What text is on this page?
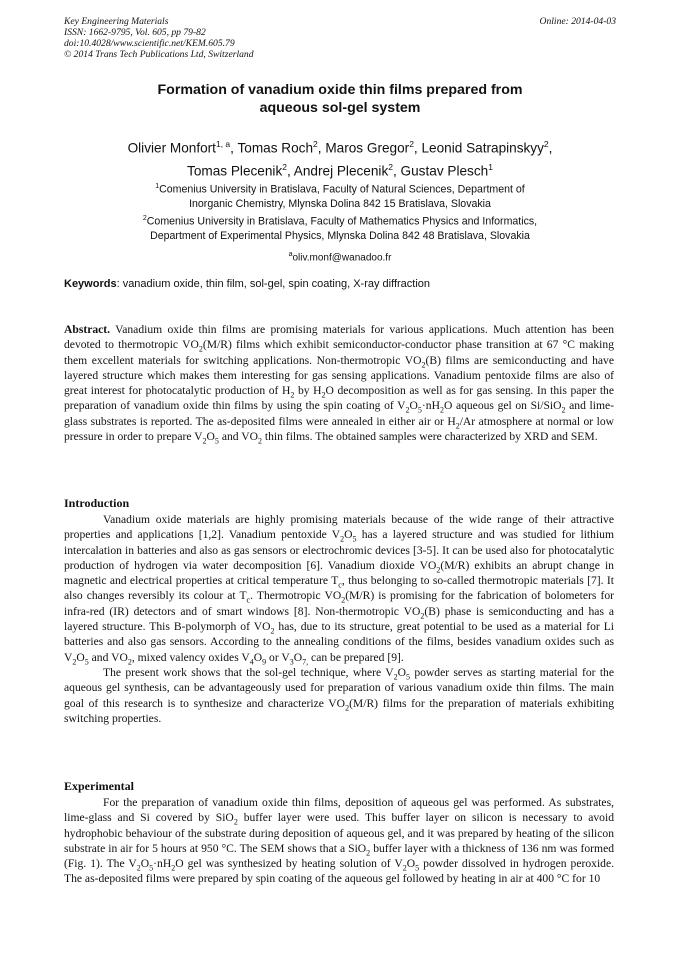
Key Engineering Materials
ISSN: 1662-9795, Vol. 605, pp 79-82
doi:10.4028/www.scientific.net/KEM.605.79
© 2014 Trans Tech Publications Ltd, Switzerland
Online: 2014-04-03
Formation of vanadium oxide thin films prepared from
aqueous sol-gel system
Olivier Monfort$^{1, a}$, Tomas Roch$^2$, Maros Gregor$^2$, Leonid Satrapinskyy$^2$,
Tomas Plecenik$^2$, Andrej Plecenik$^2$, Gustav Plesch$^1$
$^1$Comenius University in Bratislava, Faculty of Natural Sciences, Department of
Inorganic Chemistry, Mlynska Dolina 842 15 Bratislava, Slovakia
$^2$Comenius University in Bratislava, Faculty of Mathematics Physics and Informatics,
Department of Experimental Physics, Mlynska Dolina 842 48 Bratislava, Slovakia
$^a$oliv.monf@wanadoo.fr
Keywords: vanadium oxide, thin film, sol-gel, spin coating, X-ray diffraction

Abstract. Vanadium oxide thin films are promising materials for various applications. Much attention has been devoted to thermotropic $VO_2(M/R)$ films which exhibit semiconductor-conductor phase transition at 67 °C making them excellent materials for switching applications. Non-thermotropic $VO_2(B)$ films are semiconducting and have layered structure which makes them interesting for gas sensing applications. Vanadium pentoxide films are also of great interest for photocatalytic production of $H_2$ by $H_2O$ decomposition as well as for gas sensing. In this paper the preparation of vanadium oxide thin films by using the spin coating of $V_2O_5\cdot nH_2O$ aqueous gel on Si/SiO$_2$ and lime-glass substrates is reported. The as-deposited films were annealed in either air or $H_2/Ar$ atmosphere at normal or low pressure in order to prepare $V_2O_5$ and $VO_2$ thin films. The obtained samples were characterized by XRD and SEM.

Introduction

Vanadium oxide materials are highly promising materials because of the wide range of their attractive properties and applications [1,2]. Vanadium pentoxide $V_2O_5$ has a layered structure and was studied for lithium intercalation in batteries and also as gas sensors or electrochromic devices [3-5]. It can be used also for photocatalytic production of hydrogen via water decomposition [6]. Vanadium dioxide $VO_2(M/R)$ exhibits an abrupt change in magnetic and electrical properties at critical temperature $T_c$, thus belonging to so-called thermotropic materials [7]. It also changes reversibly its colour at $T_c$. Thermotropic $VO_2(M/R)$ is promising for the fabrication of bolometers for infra-red (IR) detectors and of smart windows [8]. Non-thermotropic $VO_2(B)$ phase is semiconducting and has a layered structure. This B-polymorph of $VO_2$ has, due to its structure, great potential to be used as a material for Li batteries and also gas sensors. According to the annealing conditions of the films, besides vanadium oxides such as $V_2O_5$ and $VO_2$, mixed valency oxides $V_4O_9$ or $V_3O_{7,}$ can be prepared [9].

The present work shows that the sol-gel technique, where $V_2O_5$ powder serves as starting material for the aqueous gel synthesis, can be advantageously used for preparation of various vanadium oxide thin films. The main goal of this research is to synthesize and characterize $VO_2(M/R)$ films for the preparation of materials exhibiting switching properties.

Experimental

For the preparation of vanadium oxide thin films, deposition of aqueous gel was performed. As substrates, lime-glass and Si covered by SiO$_2$ buffer layer were used. This buffer layer on silicon is necessary to avoid hydrophobic behaviour of the substrate during deposition of aqueous gel, and it was prepared by heating of the silicon substrate in air for 5 hours at 950 °C. The SEM shows that a SiO$_2$ buffer layer with a thickness of 136 nm was formed (Fig. 1). The $V_2O_5\cdot nH_2O$ gel was synthesized by heating solution of $V_2O_5$ powder dissolved in hydrogen peroxide. The as-deposited films were prepared by spin coating of the aqueous gel followed by heating in air at 400 °C for 10
